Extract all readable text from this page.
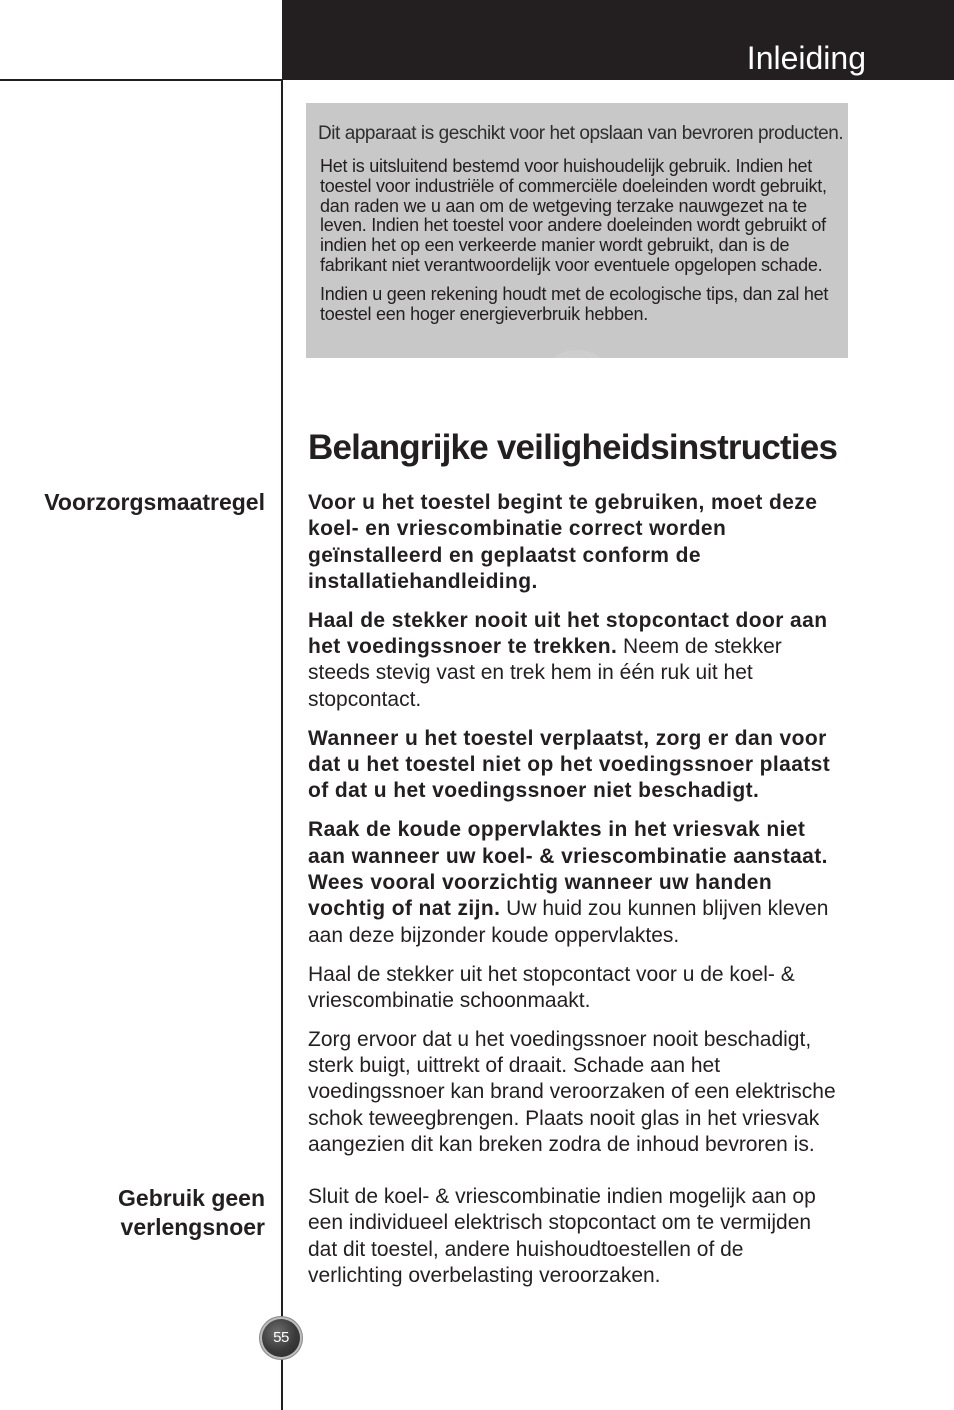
Inleiding
Dit apparaat is geschikt voor het opslaan van bevroren producten.
Het is uitsluitend bestemd voor huishoudelijk gebruik. Indien het
toestel voor industriële of commerciële doeleinden wordt gebruikt,
dan raden we u aan om de wetgeving terzake nauwgezet na te
leven. Indien het toestel voor andere doeleinden wordt gebruikt of
indien het op een verkeerde manier wordt gebruikt, dan is de
fabrikant niet verantwoordelijk voor eventuele opgelopen schade.
Indien u geen rekening houdt met de ecologische tips, dan zal het
toestel een hoger energieverbruik hebben.
Belangrijke veiligheidsinstructies
Voorzorgsmaatregel Voor u het toestel begint te gebruiken, moet deze
koel- en vriescombinatie correct worden
geïnstalleerd en geplaatst conform de
installatiehandleiding.

Haal de stekker nooit uit het stopcontact door aan
het voedingssnoer te trekken. Neem de stekker
steeds stevig vast en trek hem in één ruk uit het
stopcontact.

Wanneer u het toestel verplaatst, zorg er dan voor
dat u het toestel niet op het voedingssnoer plaatst
of dat u het voedingssnoer niet beschadigt.

Raak de koude oppervlaktes in het vriesvak niet
aan wanneer uw koel- & vriescombinatie aanstaat.
Wees vooral voorzichtig wanneer uw handen
vochtig of nat zijn. Uw huid zou kunnen blijven kleven
aan deze bijzonder koude oppervlaktes.

Haal de stekker uit het stopcontact voor u de koel- &
vriescombinatie schoonmaakt.

Zorg ervoor dat u het voedingssnoer nooit beschadigt,
sterk buigt, uittrekt of draait. Schade aan het
voedingssnoer kan brand veroorzaken of een elektrische
schok teweegbrengen. Plaats nooit glas in het vriesvak
aangezien dit kan breken zodra de inhoud bevroren is.

Gebruik geen
verlengsnoer

Sluit de koel- & vriescombinatie indien mogelijk aan op
een individueel elektrisch stopcontact om te vermijden
dat dit toestel, andere huishoudtoestellen of de
verlichting overbelasting veroorzaken.

55
